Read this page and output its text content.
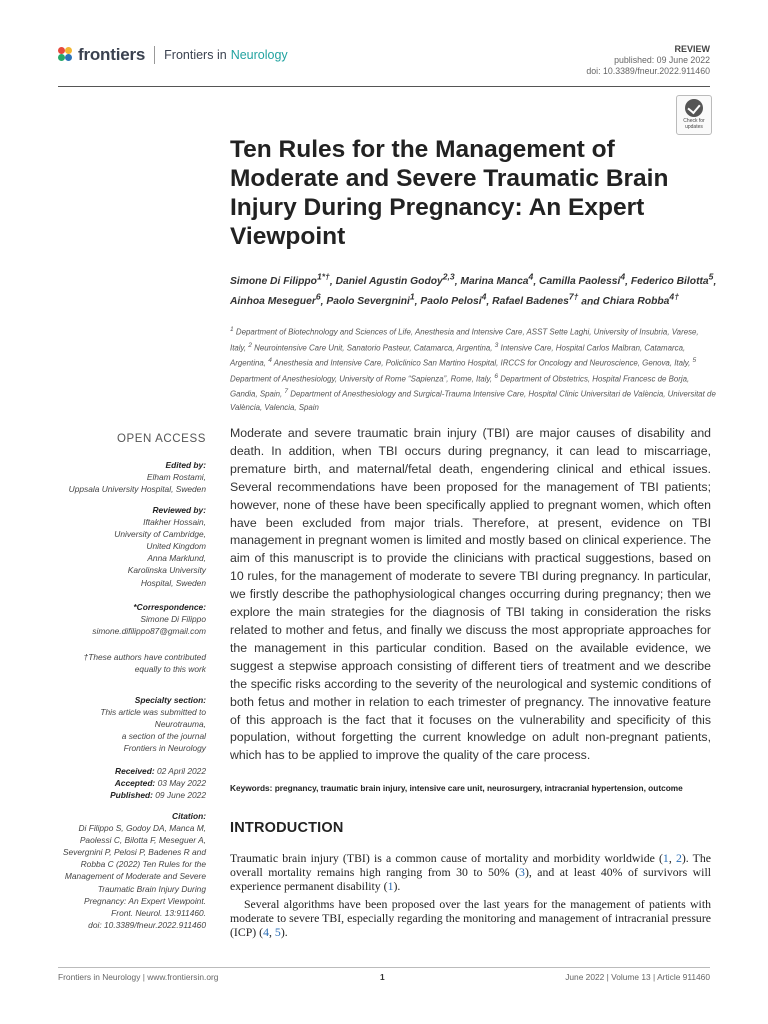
frontiers Frontiers in Neurology	REVIEW
published: 09 June 2022
doi: 10.3389/fneur.2022.911460
Check for
updates
Ten Rules for the Management of Moderate and Severe Traumatic Brain Injury During Pregnancy: An Expert Viewpoint
Simone Di Filippo$^{1*\dagger}$, Daniel Agustin Godoy$^{2,3}$, Marina Manca$^4$, Camilla Paolessi$^4$, Federico Bilotta$^5$, Ainhoa Meseguer$^6$, Paolo Severgnini$^1$, Paolo Pelosi$^4$, Rafael Badenes$^{7\dagger}$ and Chiara Robba$^{4\dagger}$
$^1$ Department of Biotechnology and Sciences of Life, Anesthesia and Intensive Care, ASST Sette Laghi, University of Insubria, Varese, Italy, $^2$ Neurointensive Care Unit, Sanatorio Pasteur, Catamarca, Argentina, $^3$ Intensive Care, Hospital Carlos Malbran, Catamarca, Argentina, $^4$ Anesthesia and Intensive Care, Policlinico San Martino Hospital, IRCCS for Oncology and Neuroscience, Genova, Italy, $^5$ Department of Anesthesiology, University of Rome “Sapienza”, Rome, Italy, $^6$ Department of Obstetrics, Hospital Francesc de Borja, Gandia, Spain, $^7$ Department of Anesthesiology and Surgical-Trauma Intensive Care, Hospital Clinic Universitari de València, Universitat de València, Valencia, Spain
OPEN ACCESS
Edited by:
Elham Rostami,
Uppsala University Hospital, Sweden
Reviewed by:
Iftakher Hossain,
University of Cambridge,
United Kingdom
Anna Marklund,
Karolinska University
Hospital, Sweden
*Correspondence:
Simone Di Filippo
simone.difilippo87@gmail.com
†These authors have contributed
equally to this work
Specialty section:
This article was submitted to
Neurotrauma,
a section of the journal
Frontiers in Neurology
Received: 02 April 2022
Accepted: 03 May 2022
Published: 09 June 2022
Citation:
Di Filippo S, Godoy DA, Manca M,
Paolessi C, Bilotta F, Meseguer A,
Severgnini P, Pelosi P, Badenes R and
Robba C (2022) Ten Rules for the
Management of Moderate and Severe
Traumatic Brain Injury During
Pregnancy: An Expert Viewpoint.
Front. Neurol. 13:911460.
doi: 10.3389/fneur.2022.911460
Moderate and severe traumatic brain injury (TBI) are major causes of disability and death. In addition, when TBI occurs during pregnancy, it can lead to miscarriage, premature birth, and maternal/fetal death, engendering clinical and ethical issues. Several recommendations have been proposed for the management of TBI patients; however, none of these have been specifically applied to pregnant women, which often have been excluded from major trials. Therefore, at present, evidence on TBI management in pregnant women is limited and mostly based on clinical experience. The aim of this manuscript is to provide the clinicians with practical suggestions, based on 10 rules, for the management of moderate to severe TBI during pregnancy. In particular, we firstly describe the pathophysiological changes occurring during pregnancy; then we explore the main strategies for the diagnosis of TBI taking in consideration the risks related to mother and fetus, and finally we discuss the most appropriate approaches for the management in this particular condition. Based on the available evidence, we suggest a stepwise approach consisting of different tiers of treatment and we describe the specific risks according to the severity of the neurological and systemic conditions of both fetus and mother in relation to each trimester of pregnancy. The innovative feature of this approach is the fact that it focuses on the vulnerability and specificity of this population, without forgetting the current knowledge on adult non-pregnant patients, which has to be applied to improve the quality of the care process.
Keywords: pregnancy, traumatic brain injury, intensive care unit, neurosurgery, intracranial hypertension, outcome
INTRODUCTION
Traumatic brain injury (TBI) is a common cause of mortality and morbidity worldwide (1, 2). The overall mortality remains high ranging from 30 to 50% (3), and at least 40% of survivors will experience permanent disability (1).
Several algorithms have been proposed over the last years for the management of patients with moderate to severe TBI, especially regarding the monitoring and management of intracranial pressure (ICP) (4, 5).
Frontiers in Neurology | www.frontiersin.org	1	June 2022 | Volume 13 | Article 911460
